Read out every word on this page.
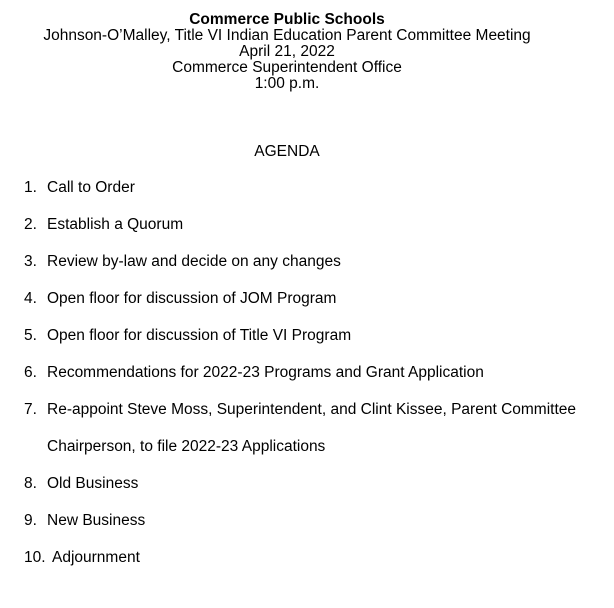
Commerce Public Schools
Johnson-O’Malley, Title VI Indian Education Parent Committee Meeting
April 21, 2022
Commerce Superintendent Office
1:00 p.m.
AGENDA
1. Call to Order
2. Establish a Quorum
3. Review by-law and decide on any changes
4. Open floor for discussion of JOM Program
5. Open floor for discussion of Title VI Program
6. Recommendations for 2022-23 Programs and Grant Application
7. Re-appoint Steve Moss, Superintendent, and Clint Kissee, Parent Committee
Chairperson, to file 2022-23 Applications
8. Old Business
9. New Business
10. Adjournment
